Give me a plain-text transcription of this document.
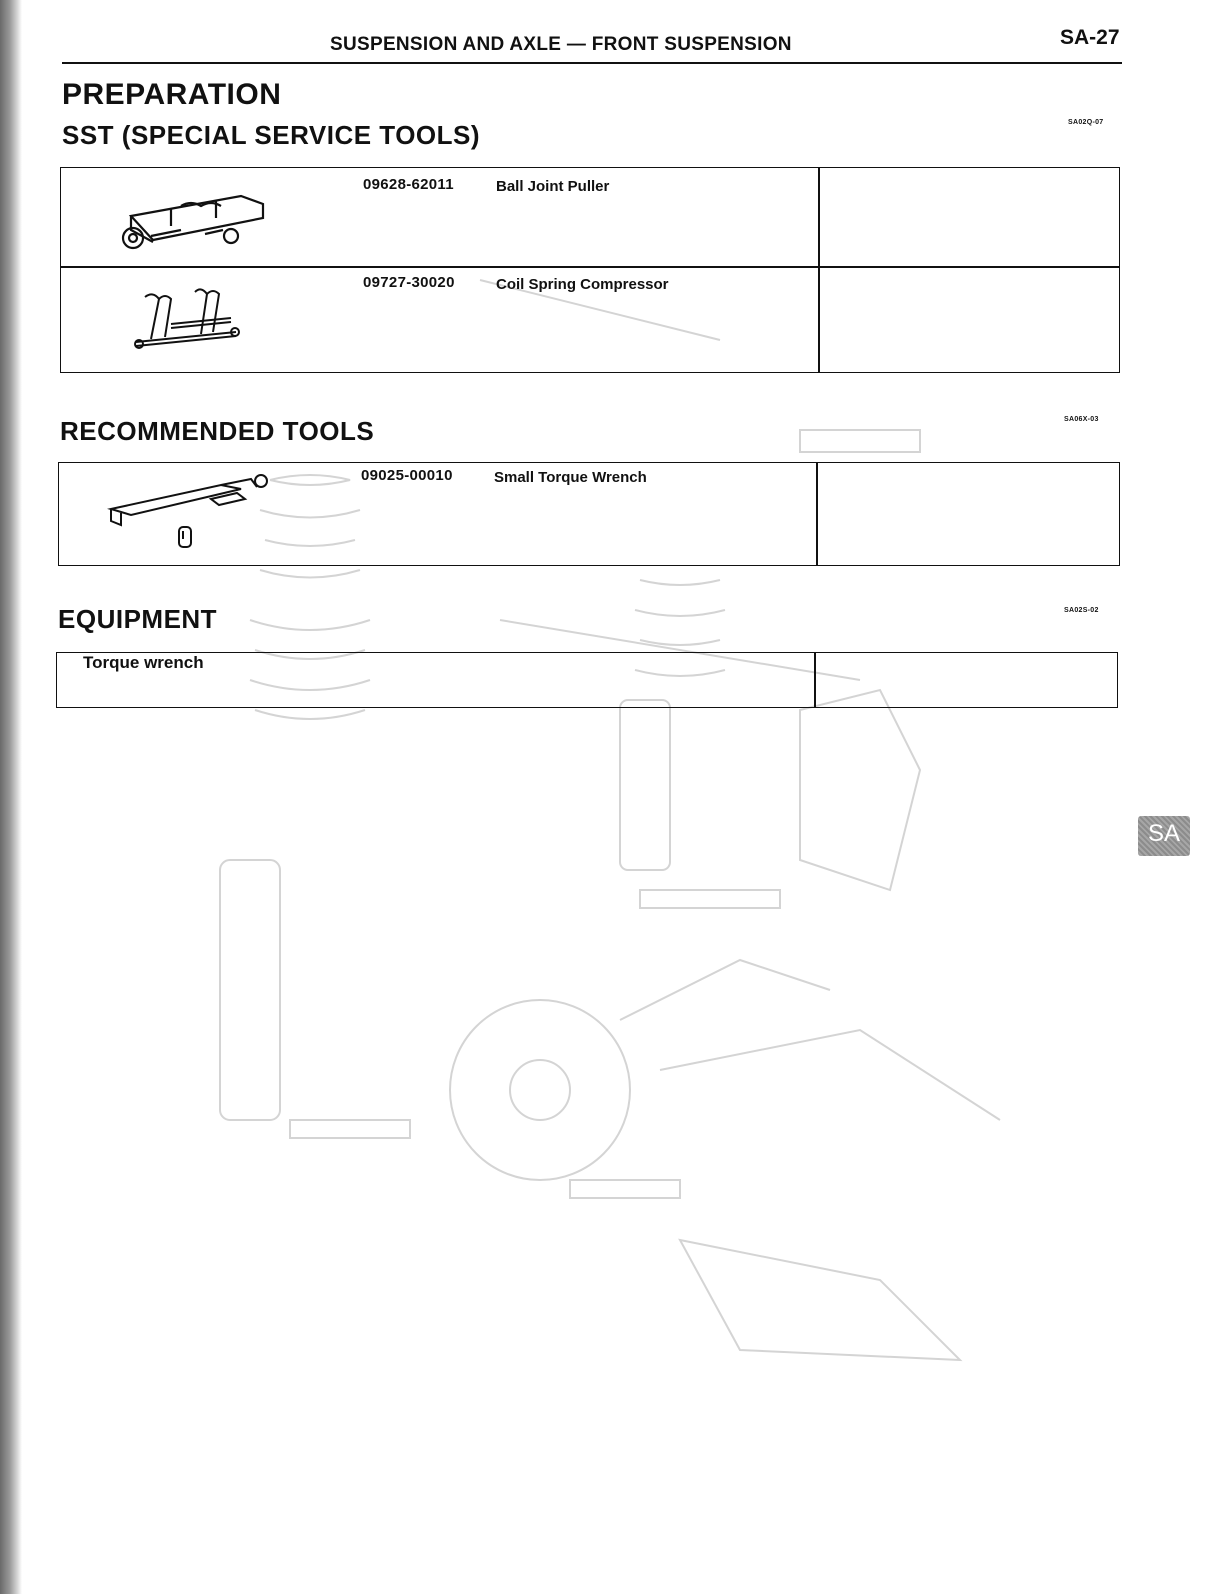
SUSPENSION AND AXLE — FRONT SUSPENSION	SA-27
PREPARATION
SST (SPECIAL SERVICE TOOLS)	SA02Q-07
09628-62011	Ball Joint Puller
09727-30020	Coil Spring Compressor
RECOMMENDED TOOLS	SA06X-03
09025-00010	Small Torque Wrench
EQUIPMENT	SA02S-02
Torque wrench
SA
